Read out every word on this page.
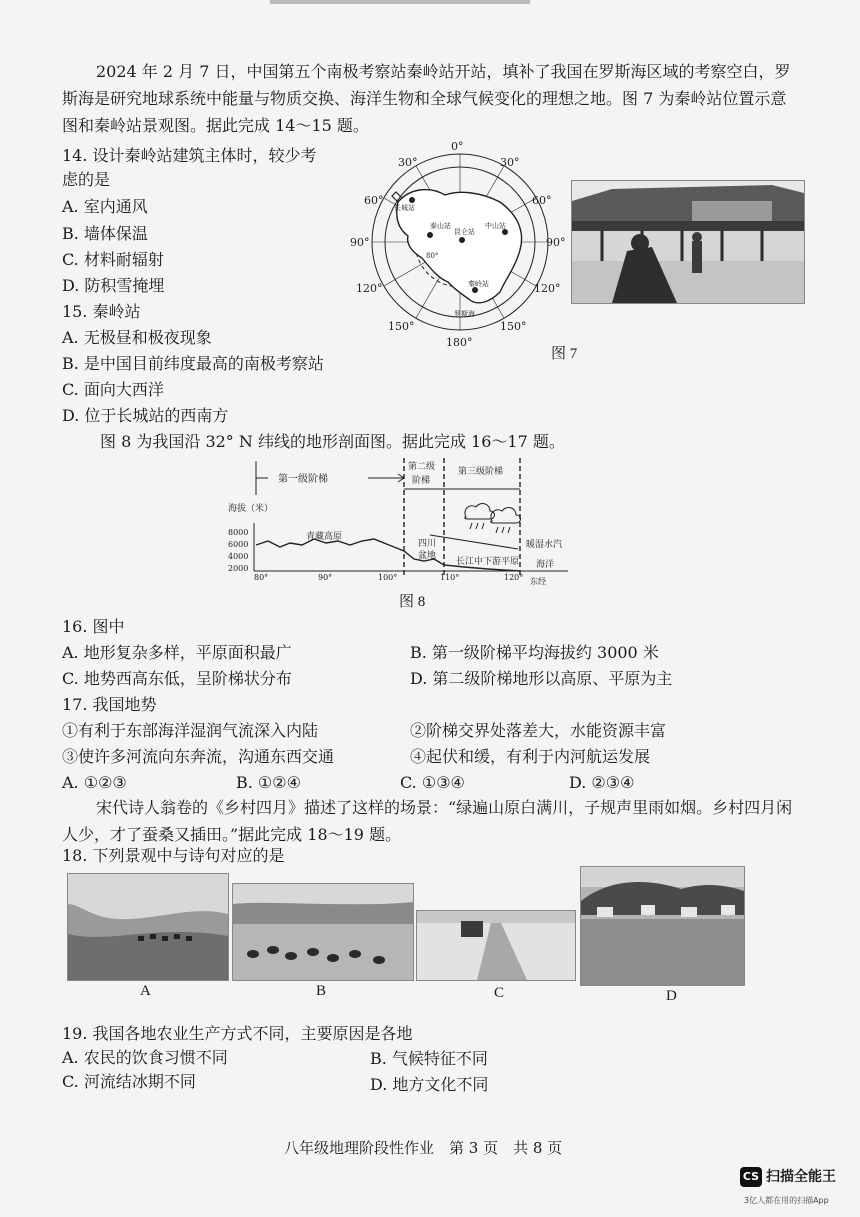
2024 年 2 月 7 日，中国第五个南极考察站秦岭站开站，填补了我国在罗斯海区域的考察空白，罗斯海是研究地球系统中能量与物质交换、海洋生物和全球气候变化的理想之地。图 7 为秦岭站位置示意图和秦岭站景观图。据此完成 14～15 题。
14. 设计秦岭站建筑主体时，较少考
虑的是
A. 室内通风
B. 墙体保温
C. 材料耐辐射
D. 防积雪掩埋
15. 秦岭站
A. 无极昼和极夜现象
B. 是中国目前纬度最高的南极考察站
C. 面向大西洋
D. 位于长城站的西南方
0°
30°	30°
60°	60°
90°	90°
120°	120°
150°	150°
180°
长城站
中山站
泰山站
昆仑站
秦岭站
80°
罗斯海
图 7
图 8 为我国沿 32° N 纬线的地形剖面图。据此完成 16～17 题。
第一级阶梯
第二级
阶梯
第三级阶梯
海拔（米）
8000
6000
4000
2000
青藏高原
四川
盆地
长江中下游平原
暖湿水汽
海洋
80°	90°	100°	110°	120° 东经
图 8
16. 图中
A. 地形复杂多样，平原面积最广	B. 第一级阶梯平均海拔约 3000 米
C. 地势西高东低，呈阶梯状分布	D. 第二级阶梯地形以高原、平原为主
17. 我国地势
①有利于东部海洋湿润气流深入内陆	②阶梯交界处落差大，水能资源丰富
③使许多河流向东奔流，沟通东西交通	④起伏和缓，有利于内河航运发展
A. ①②③	B. ①②④	C. ①③④	D. ②③④
宋代诗人翁卷的《乡村四月》描述了这样的场景：“绿遍山原白满川，子规声里雨如烟。乡村四月闲人少，才了蚕桑又插田。”据此完成 18～19 题。
18. 下列景观中与诗句对应的是
A	B	C	D
19. 我国各地农业生产方式不同，主要原因是各地
A. 农民的饮食习惯不同	B. 气候特征不同
C. 河流结冰期不同	D. 地方文化不同
八年级地理阶段性作业　第 3 页　共 8 页
CS 扫描全能王
3亿人都在用的扫描App
